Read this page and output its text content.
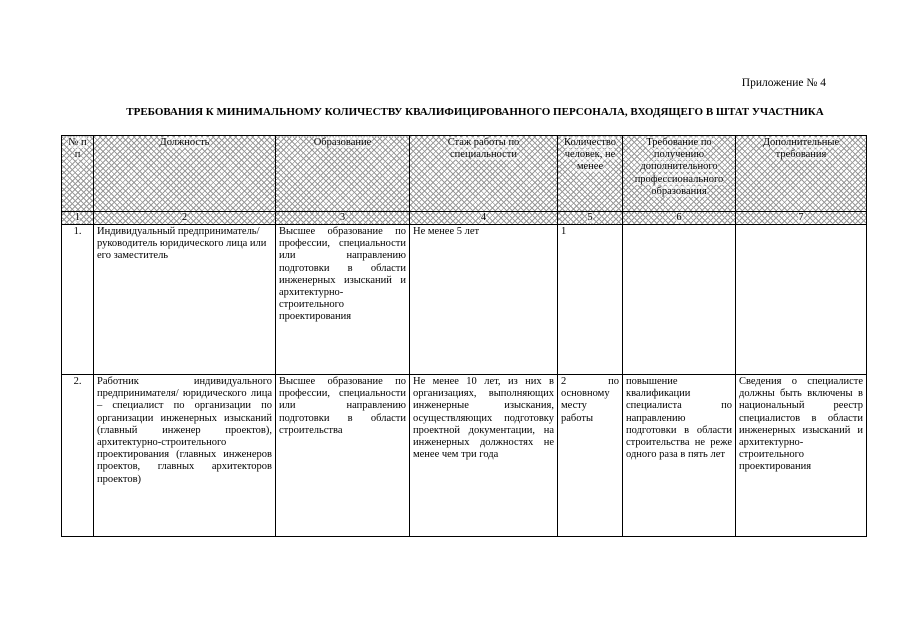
Приложение № 4
ТРЕБОВАНИЯ К МИНИМАЛЬНОМУ КОЛИЧЕСТВУ КВАЛИФИЦИРОВАННОГО ПЕРСОНАЛА, ВХОДЯЩЕГО В ШТАТ УЧАСТНИКА
№ п п	Должность	Образование	Стаж работы по специальности	Количество человек, не менее	Требование по получению дополнительного профессионального образования	Дополнительные требования
1	2	3	4	5	6	7
1.	Индивидуальный предприниматель/руководитель юридического лица или его заместитель	Высшее образование по профессии, специальности или направлению подготовки в области инженерных изысканий и архитектурно-строительного проектирования	Не менее 5 лет	1		
2.	Работник индивидуального предпринимателя/ юридического лица – специалист по организации по организации инженерных изысканий (главный инженер проектов), архитектурно-строительного проектирования (главных инженеров проектов, главных архитекторов проектов)	Высшее образование по профессии, специальности или направлению подготовки в области строительства	Не менее 10 лет, из них в организациях, выполняющих инженерные изыскания, осуществляющих подготовку проектной документации, на инженерных должностях не менее чем три года	2 по основному месту работы	повышение квалификации специалиста по направлению подготовки в области строительства не реже одного раза в пять лет	Сведения о специалисте должны быть включены в национальный реестр специалистов в области инженерных изысканий и архитектурно-строительного проектирования
